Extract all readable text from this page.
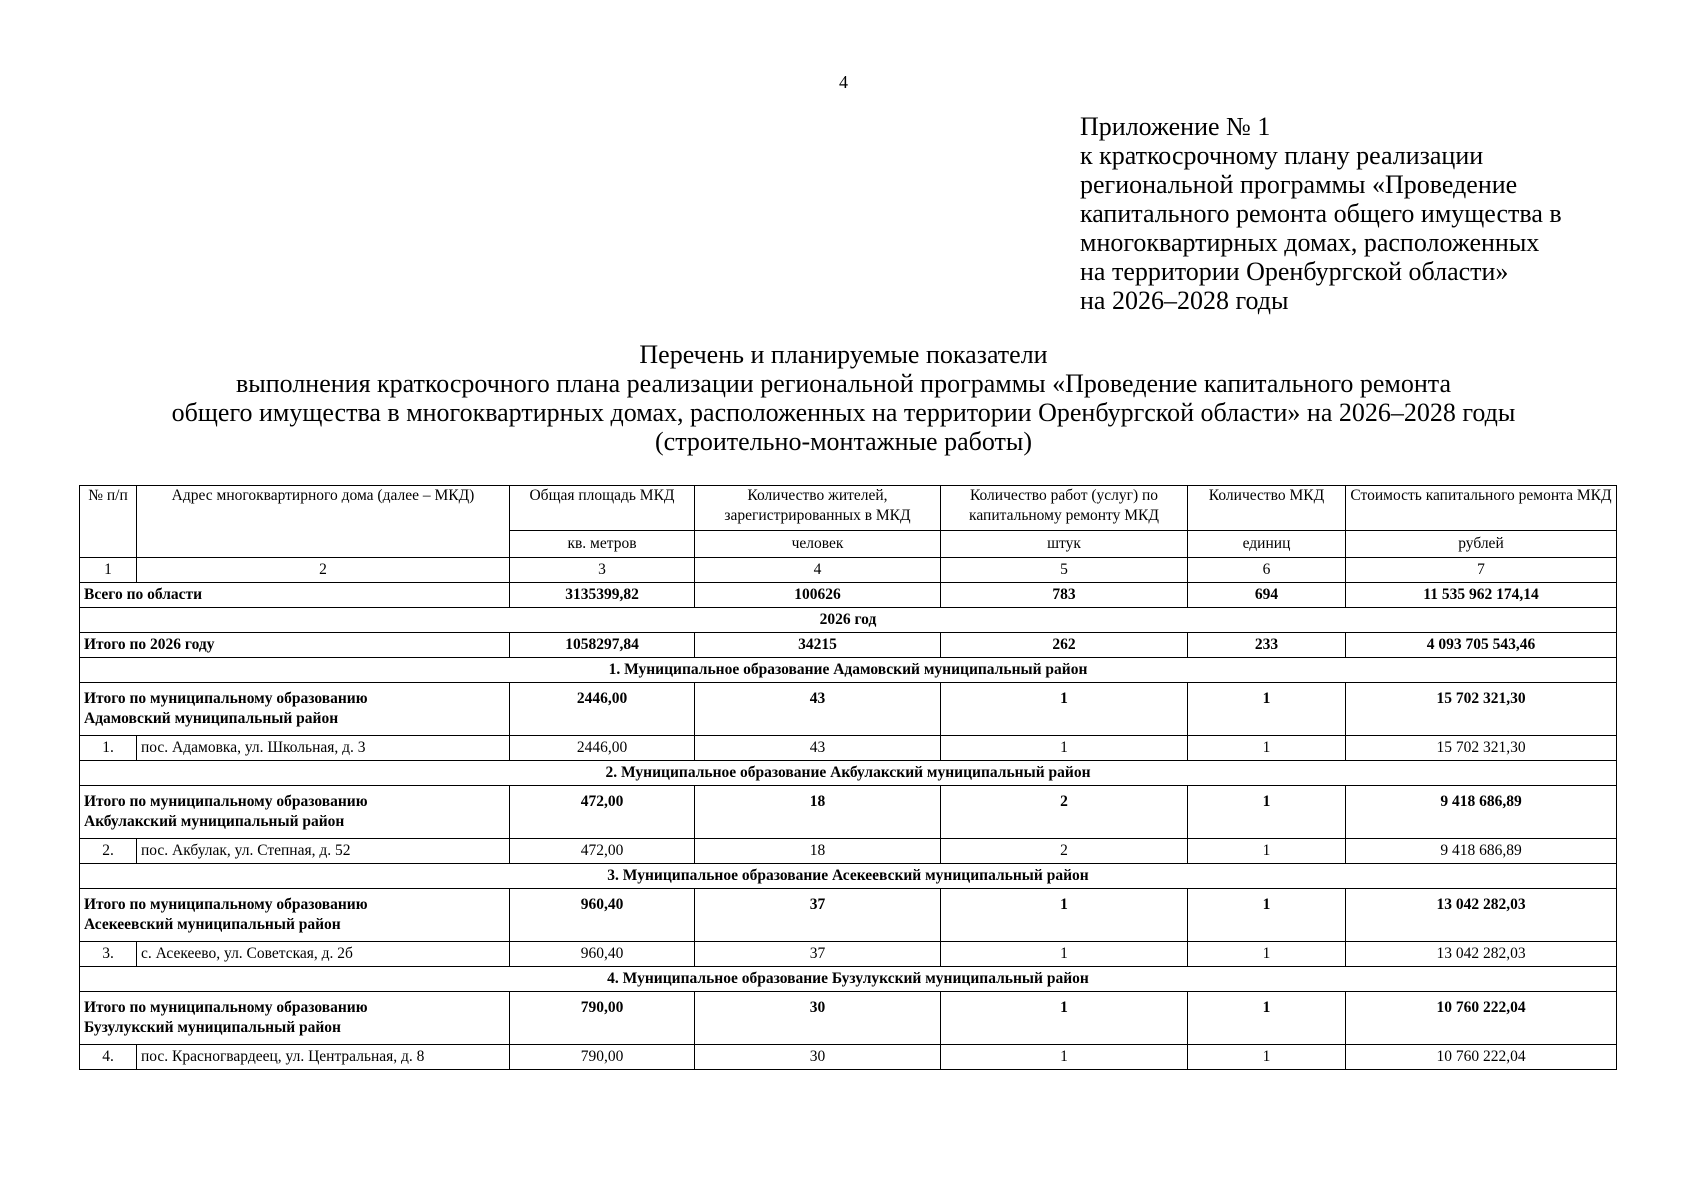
4
Приложение № 1
к краткосрочному плану реализации
региональной программы «Проведение
капитального ремонта общего имущества в
многоквартирных домах, расположенных
на территории Оренбургской области»
на 2026–2028 годы
Перечень и планируемые показатели
выполнения краткосрочного плана реализации региональной программы «Проведение капитального ремонта
общего имущества в многоквартирных домах, расположенных на территории Оренбургской области» на 2026–2028 годы
(строительно-монтажные работы)
№ п/п	Адрес многоквартирного дома (далее – МКД)	Общая площадь МКД	Количество жителей, зарегистрированных в МКД	Количество работ (услуг) по капитальному ремонту МКД	Количество МКД	Стоимость капитального ремонта МКД
		кв. метров	человек	штук	единиц	рублей
1	2	3	4	5	6	7
Всего по области		3135399,82	100626	783	694	11 535 962 174,14
2026 год						
Итого по 2026 году		1058297,84	34215	262	233	4 093 705 543,46
1. Муниципальное образование Адамовский муниципальный район						
Итого по муниципальному образованию
Адамовский муниципальный район		2446,00	43	1	1	15 702 321,30
1.	пос. Адамовка, ул. Школьная, д. 3	2446,00	43	1	1	15 702 321,30
2. Муниципальное образование Акбулакский муниципальный район						
Итого по муниципальному образованию
Акбулакский муниципальный район		472,00	18	2	1	9 418 686,89
2.	пос. Акбулак, ул. Степная, д. 52	472,00	18	2	1	9 418 686,89
3. Муниципальное образование Асекеевский муниципальный район						
Итого по муниципальному образованию
Асекеевский муниципальный район		960,40	37	1	1	13 042 282,03
3.	с. Асекеево, ул. Советская, д. 2б	960,40	37	1	1	13 042 282,03
4. Муниципальное образование Бузулукский муниципальный район						
Итого по муниципальному образованию
Бузулукский муниципальный район		790,00	30	1	1	10 760 222,04
4.	пос. Красногвардеец, ул. Центральная, д. 8	790,00	30	1	1	10 760 222,04
